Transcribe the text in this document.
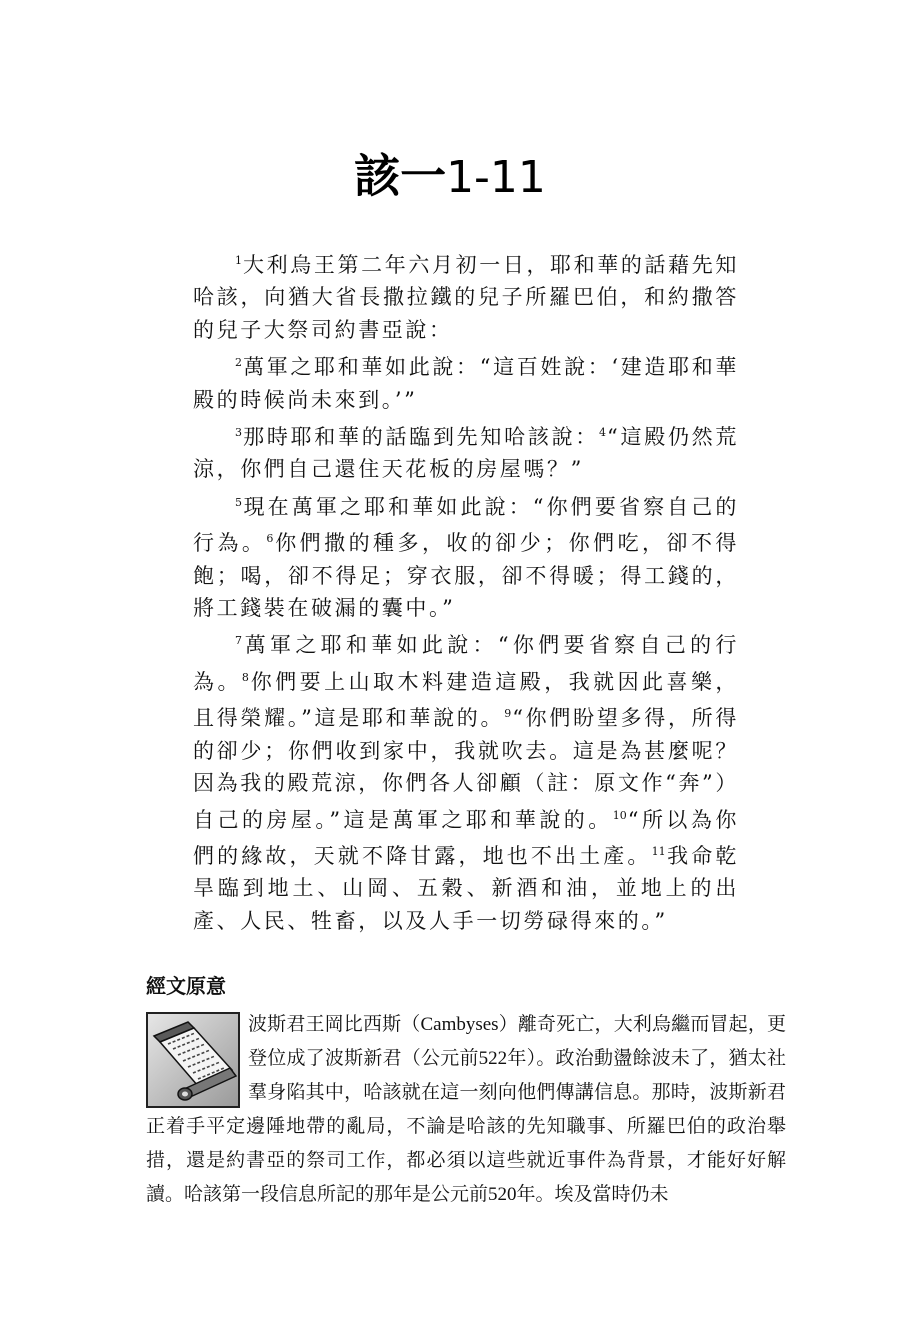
該一1-11

$^1$大利烏王第二年六月初一日，耶和華的話藉先知哈該，向猶大省長撒拉鐵的兒子所羅巴伯，和約撒答的兒子大祭司約書亞說：

$^2$萬軍之耶和華如此說：“這百姓說：‘建造耶和華殿的時候尚未來到。’”

$^3$那時耶和華的話臨到先知哈該說：$^4$“這殿仍然荒涼，你們自己還住天花板的房屋嗎？”

$^5$現在萬軍之耶和華如此說：“你們要省察自己的行為。$^6$你們撒的種多，收的卻少；你們吃，卻不得飽；喝，卻不得足；穿衣服，卻不得暖；得工錢的，將工錢裝在破漏的囊中。”

$^7$萬軍之耶和華如此說：“你們要省察自己的行為。$^8$你們要上山取木料建造這殿，我就因此喜樂，且得榮耀。”這是耶和華說的。$^9$“你們盼望多得，所得的卻少；你們收到家中，我就吹去。這是為甚麼呢？因為我的殿荒涼，你們各人卻顧（註：原文作“奔”）自己的房屋。”這是萬軍之耶和華說的。$^{10}$“所以為你們的緣故，天就不降甘露，地也不出土產。$^{11}$我命乾旱臨到地土、山岡、五穀、新酒和油，並地上的出產、人民、牲畜，以及人手一切勞碌得來的。”

經文原意

波斯君王岡比西斯（Cambyses）離奇死亡，大利烏繼而冒起，更登位成了波斯新君（公元前522年）。政治動盪餘波未了，猶太社羣身陷其中，哈該就在這一刻向他們傳講信息。那時，波斯新君正着手平定邊陲地帶的亂局，不論是哈該的先知職事、所羅巴伯的政治舉措，還是約書亞的祭司工作，都必須以這些就近事件為背景，才能好好解讀。哈該第一段信息所記的那年是公元前520年。埃及當時仍未
